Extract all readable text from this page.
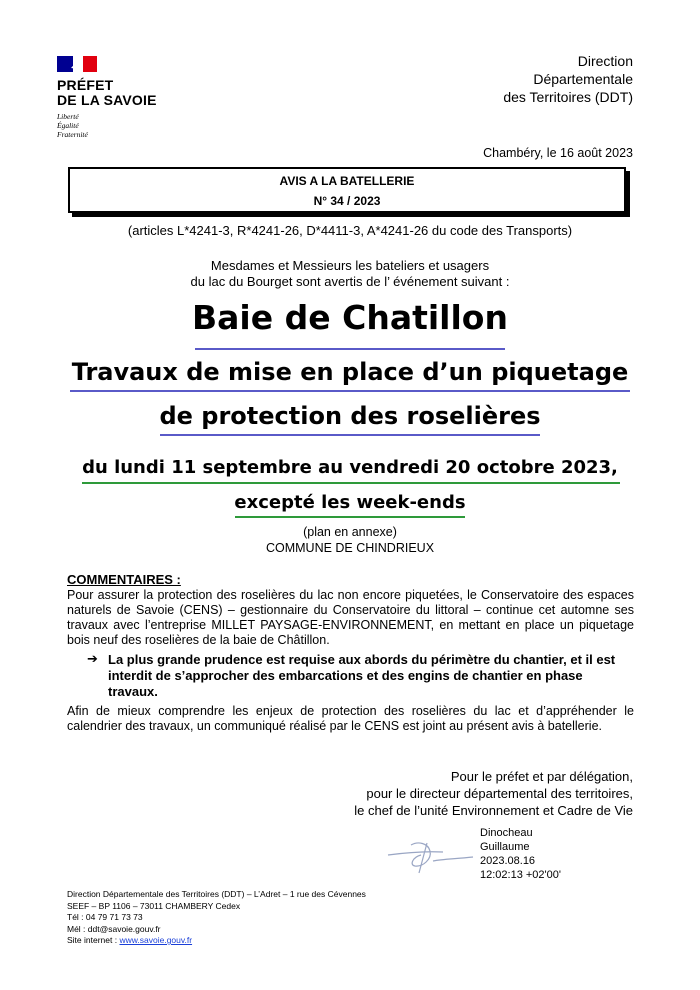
PRÉFET
DE LA SAVOIE
Liberté
Égalité
Fraternité
Direction
Départementale
des Territoires (DDT)
Chambéry, le 16 août 2023
AVIS A LA BATELLERIE
N° 34 / 2023
(articles L*4241-3, R*4241-26, D*4411-3, A*4241-26 du code des Transports)
Mesdames et Messieurs les bateliers et usagers
du lac du Bourget sont avertis de l’ événement suivant :
Baie de Chatillon
Travaux de mise en place d’un piquetage
de protection des roselières
du lundi 11 septembre au vendredi 20 octobre 2023,
excepté les week-ends
(plan en annexe)
COMMUNE DE CHINDRIEUX
COMMENTAIRES :
Pour assurer la protection des roselières du lac non encore piquetées, le Conservatoire des espaces naturels de Savoie (CENS) – gestionnaire du Conservatoire du littoral – continue cet automne ses travaux avec l’entreprise MILLET PAYSAGE-ENVIRONNEMENT, en mettant en place un piquetage bois neuf des roselières de la baie de Châtillon.
➔ La plus grande prudence est requise aux abords du périmètre du chantier, et il est interdit de s’approcher des embarcations et des engins de chantier en phase travaux.
Afin de mieux comprendre les enjeux de protection des roselières du lac et d’appréhender le calendrier des travaux, un communiqué réalisé par le CENS est joint au présent avis à batellerie.
Pour le préfet et par délégation,
pour le directeur départemental des territoires,
le chef de l’unité Environnement et Cadre de Vie
Dinocheau
Guillaume
2023.08.16
12:02:13 +02'00'
Direction Départementale des Territoires (DDT) – L’Adret – 1 rue des Cévennes
SEEF – BP 1106 – 73011 CHAMBERY Cedex
Tél : 04 79 71 73 73
Mél : ddt@savoie.gouv.fr
Site internet : www.savoie.gouv.fr
